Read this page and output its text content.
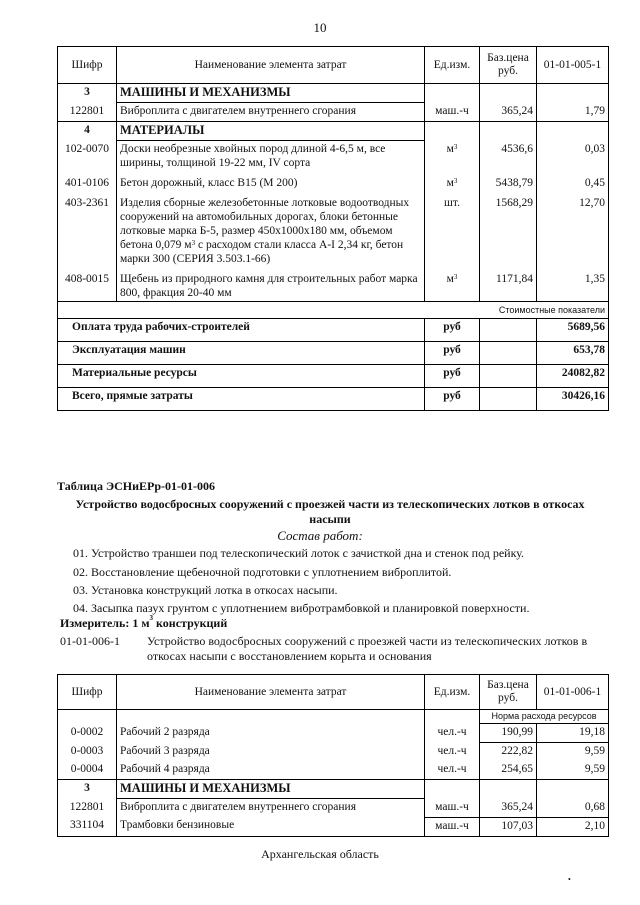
10
Шифр	Наименование элемента затрат	Ед.изм.	Баз.цена
руб.	01-01-005-1
3	МАШИНЫ И МЕХАНИЗМЫ			
122801	Виброплита с двигателем внутреннего сгорания	маш.-ч	365,24	1,79
4	МАТЕРИАЛЫ			
102-0070	Доски необрезные хвойных пород длиной 4-6,5 м, все ширины, толщиной 19-22 мм, IV сорта	$м^3$	4536,6	0,03
401-0106	Бетон дорожный, класс В15 (М 200)	$м^3$	5438,79	0,45
403-2361	Изделия сборные железобетонные лотковые водоотводных сооружений на автомобильных дорогах, блоки бетонные лотковые марка Б-5, размер 450x1000x180 мм, объемом бетона 0,079 $м^3$ с расходом стали класса А-I 2,34 кг, бетон марки 300 (СЕРИЯ 3.503.1-66)	шт.	1568,29	12,70
408-0015	Щебень из природного камня для строительных работ марка 800, фракция 20-40 мм	$м^3$	1171,84	1,35
Стоимостные показатели				
Оплата труда рабочих-строителей		руб		5689,56
Эксплуатация машин		руб		653,78
Материальные ресурсы		руб		24082,82
Всего, прямые затраты		руб		30426,16
Таблица ЭСНиЕРр-01-01-006
Устройство водосбросных сооружений с проезжей части из телескопических лотков в откосах насыпи
Состав работ:
01. Устройство траншеи под телескопический лоток с зачисткой дна и стенок под рейку.
02. Восстановление щебеночной подготовки с уплотнением виброплитой.
03. Установка конструкций лотка в откосах насыпи.
04. Засыпка пазух грунтом с уплотнением вибротрамбовкой и планировкой поверхности.
Измеритель: 1 $м^3$ конструкций
01-01-006-1 Устройство водосбросных сооружений с проезжей части из телескопических лотков в откосах насыпи с восстановлением корыта и основания
Шифр	Наименование элемента затрат	Ед.изм.	Баз.цена
руб.	01-01-006-1
			Норма расхода ресурсов	
0-0002	Рабочий 2 разряда	чел.-ч	190,99	19,18
0-0003	Рабочий 3 разряда	чел.-ч	222,82	9,59
0-0004	Рабочий 4 разряда	чел.-ч	254,65	9,59
3	МАШИНЫ И МЕХАНИЗМЫ			
122801	Виброплита с двигателем внутреннего сгорания	маш.-ч	365,24	0,68
331104	Трамбовки бензиновые	маш.-ч	107,03	2,10
Архангельская область
•
